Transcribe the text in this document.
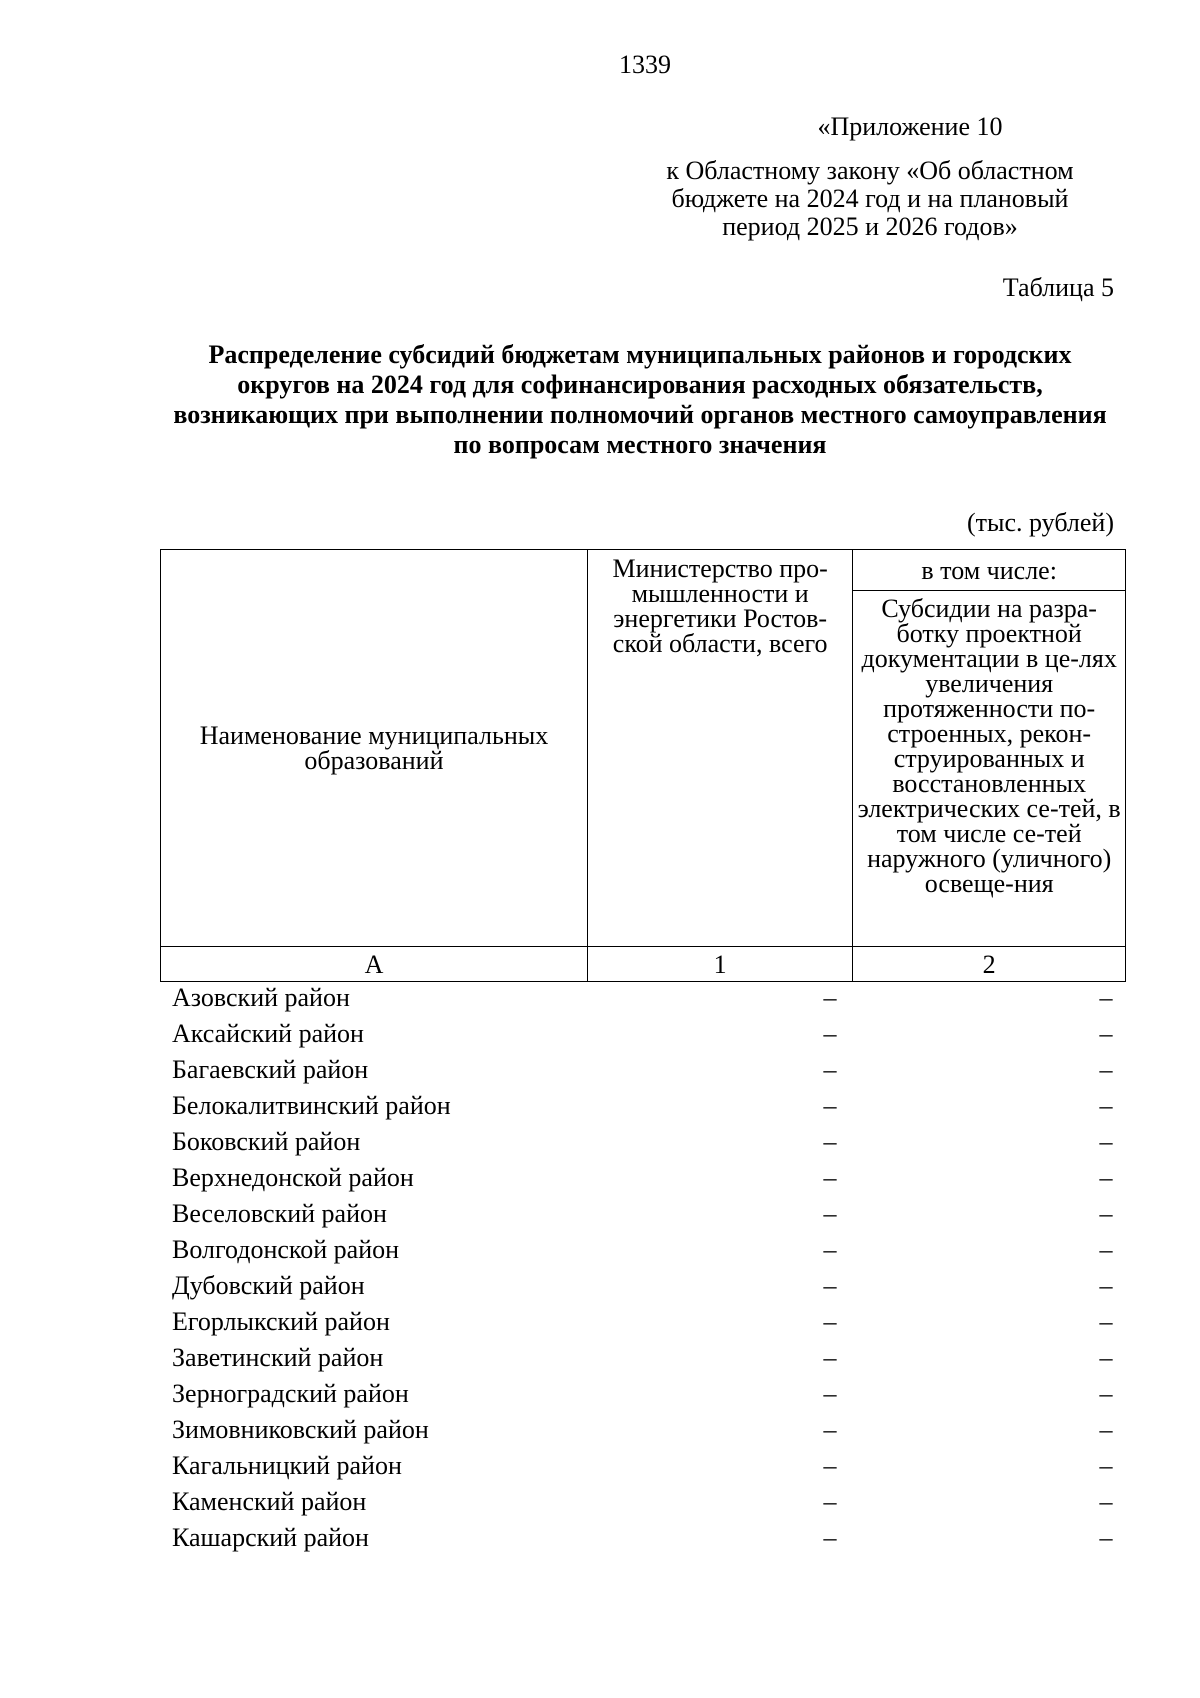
1339
«Приложение 10
к Областному закону «Об областном бюджете на 2024 год и на плановый период 2025 и 2026 годов»
Таблица 5
Распределение субсидий бюджетам муниципальных районов и городских округов на 2024 год для софинансирования расходных обязательств, возникающих при выполнении полномочий органов местного самоуправления по вопросам местного значения
(тыс. рублей)
Наименование муниципальных образований	Министерство про-мышленности и энергетики Ростов-ской области, всего	в том числе:
		Субсидии на разра-ботку проектной документации в це-лях увеличения протяженности по-строенных, рекон-струированных и восстановленных электрических се-тей, в том числе се-тей наружного (уличного) освеще-ния
А	1	2
Азовский район	–	–
Аксайский район	–	–
Багаевский район	–	–
Белокалитвинский район	–	–
Боковский район	–	–
Верхнедонской район	–	–
Веселовский район	–	–
Волгодонской район	–	–
Дубовский район	–	–
Егорлыкский район	–	–
Заветинский район	–	–
Зерноградский район	–	–
Зимовниковский район	–	–
Кагальницкий район	–	–
Каменский район	–	–
Кашарский район	–	–
